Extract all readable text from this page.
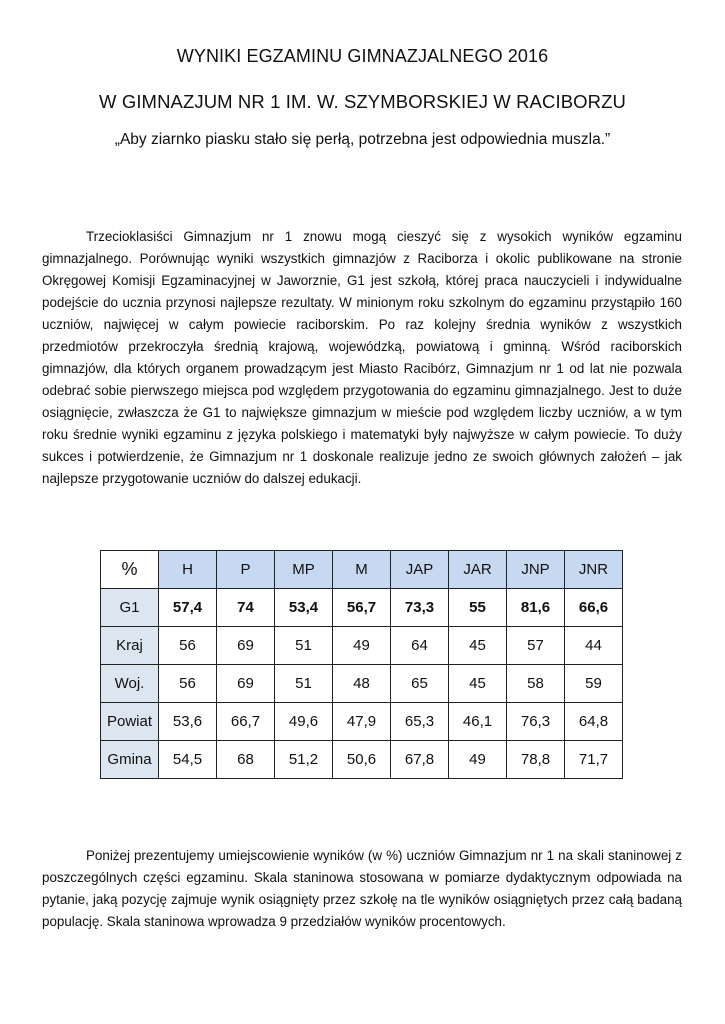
WYNIKI EGZAMINU GIMNAZJALNEGO 2016
W GIMNAZJUM NR 1 IM. W. SZYMBORSKIEJ W RACIBORZU
„Aby ziarnko piasku stało się perłą, potrzebna jest odpowiednia muszla.”

Trzecioklasiści Gimnazjum nr 1 znowu mogą cieszyć się z wysokich wyników egzaminu gimnazjalnego. Porównując wyniki wszystkich gimnazjów z Raciborza i okolic publikowane na stronie Okręgowej Komisji Egzaminacyjnej w Jaworznie, G1 jest szkołą, której praca nauczycieli i indywidualne podejście do ucznia przynosi najlepsze rezultaty. W minionym roku szkolnym do egzaminu przystąpiło 160 uczniów, najwięcej w całym powiecie raciborskim. Po raz kolejny średnia wyników z wszystkich przedmiotów przekroczyła średnią krajową, wojewódzką, powiatową i gminną. Wśród raciborskich gimnazjów, dla których organem prowadzącym jest Miasto Racibórz, Gimnazjum nr 1 od lat nie pozwala odebrać sobie pierwszego miejsca pod względem przygotowania do egzaminu gimnazjalnego. Jest to duże osiągnięcie, zwłaszcza że G1 to największe gimnazjum w mieście pod względem liczby uczniów, a w tym roku średnie wyniki egzaminu z języka polskiego i matematyki były najwyższe w całym powiecie. To duży sukces i potwierdzenie, że Gimnazjum nr 1 doskonale realizuje jedno ze swoich głównych założeń – jak najlepsze przygotowanie uczniów do dalszej edukacji.

%	H	P	MP	M	JAP	JAR	JNP	JNR
G1	57,4	74	53,4	56,7	73,3	55	81,6	66,6
Kraj	56	69	51	49	64	45	57	44
Woj.	56	69	51	48	65	45	58	59
Powiat	53,6	66,7	49,6	47,9	65,3	46,1	76,3	64,8
Gmina	54,5	68	51,2	50,6	67,8	49	78,8	71,7

Poniżej prezentujemy umiejscowienie wyników (w %) uczniów Gimnazjum nr 1 na skali staninowej z poszczególnych części egzaminu. Skala staninowa stosowana w pomiarze dydaktycznym odpowiada na pytanie, jaką pozycję zajmuje wynik osiągnięty przez szkołę na tle wyników osiągniętych przez całą badaną populację. Skala staninowa wprowadza 9 przedziałów wyników procentowych.
